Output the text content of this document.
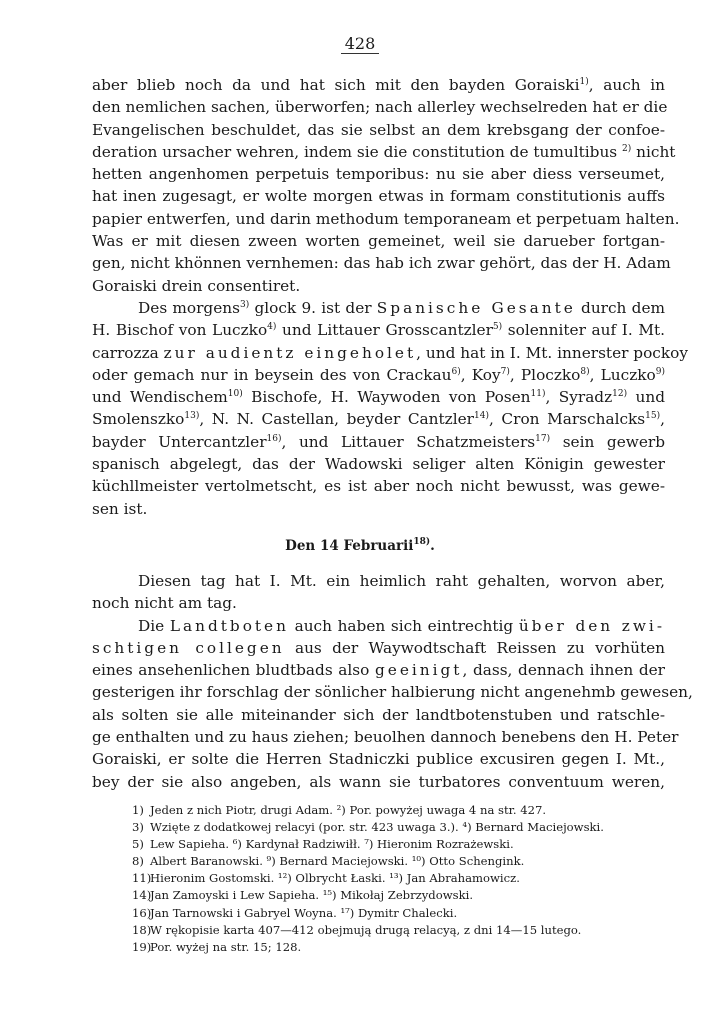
428
aber blieb noch da und hat sich mit den bayden Goraiski$^{1)}$, auch in
den nemlichen sachen, überworfen; nach allerley wechselreden hat er die
Evangelischen beschuldet, das sie selbst an dem krebsgang der confoe-
deration ursacher wehren, indem sie die constitution de tumultibus $^{2)}$ nicht
hetten angenhomen perpetuis temporibus: nu sie aber diess verseumet,
hat inen zugesagt, er wolte morgen etwas in formam constitutionis auffs
papier entwerfen, und darin methodum temporaneam et perpetuam halten.
Was er mit diesen zween worten gemeinet, weil sie darueber fortgan-
gen, nicht khönnen vernhemen: das hab ich zwar gehört, das der H. Adam
Goraiski drein consentiret.
Des morgens$^{3)}$ glock 9. ist der Spanische Gesante durch dem
H. Bischof von Luczko$^{4)}$ und Littauer Grosscantzler$^{5)}$ solenniter auf I. Mt.
carrozza zur audientz eingeholet, und hat in I. Mt. innerster pockoy
oder gemach nur in beysein des von Crackau$^{6)}$, Koy$^{7)}$, Ploczko$^{8)}$, Luczko$^{9)}$
und Wendischem$^{10)}$ Bischofe, H. Waywoden von Posen$^{11)}$, Syradz$^{12)}$ und
Smolenszko$^{13)}$, N. N. Castellan, beyder Cantzler$^{14)}$, Cron Marschalcks$^{15)}$,
bayder Untercantzler$^{16)}$, und Littauer Schatzmeisters$^{17)}$ sein gewerb
spanisch abgelegt, das der Wadowski seliger alten Königin gewester
küchllmeister vertolmetscht, es ist aber noch nicht bewusst, was gewe-
sen ist.
Den 14 Februarii$^{18)}$.
Diesen tag hat I. Mt. ein heimlich raht gehalten, worvon aber,
noch nicht am tag.
Die Landtboten auch haben sich eintrechtig über den zwi-
schtigen collegen aus der Waywodtschaft Reissen zu vorhüten
eines ansehenlichen bludtbads also geeinigt, dass, dennach ihnen der
gesterigen ihr forschlag der sönlicher halbierung nicht angenehmb gewesen,
als solten sie alle miteinander sich der landtbotenstuben und ratschle-
ge enthalten und zu haus ziehen; beuolhen dannoch benebens den H. Peter
Goraiski, er solte die Herren Stadniczki publice excusiren gegen I. Mt.,
bey der sie also angeben, als wann sie turbatores conventuum weren,
1) Jeden z nich Piotr, drugi Adam. ²) Por. powyżej uwaga 4 na str. 427.
3) Wzięte z dodatkowej relacyi (por. str. 423 uwaga 3.). ⁴) Bernard Maciejowski.
5) Lew Sapieha. ⁶) Kardynał Radziwiłł. ⁷) Hieronim Rozrażewski.
8) Albert Baranowski. ⁹) Bernard Maciejowski. ¹⁰) Otto Schengink.
11)Hieronim Gostomski. ¹²) Olbrycht Łaski. ¹³) Jan Abrahamowicz.
14)Jan Zamoyski i Lew Sapieha. ¹⁵) Mikołaj Zebrzydowski.
16)Jan Tarnowski i Gabryel Woyna. ¹⁷) Dymitr Chalecki.
18)W rękopisie karta 407—412 obejmują drugą relacyą, z dni 14—15 lutego.
19)Por. wyżej na str. 15; 128.
